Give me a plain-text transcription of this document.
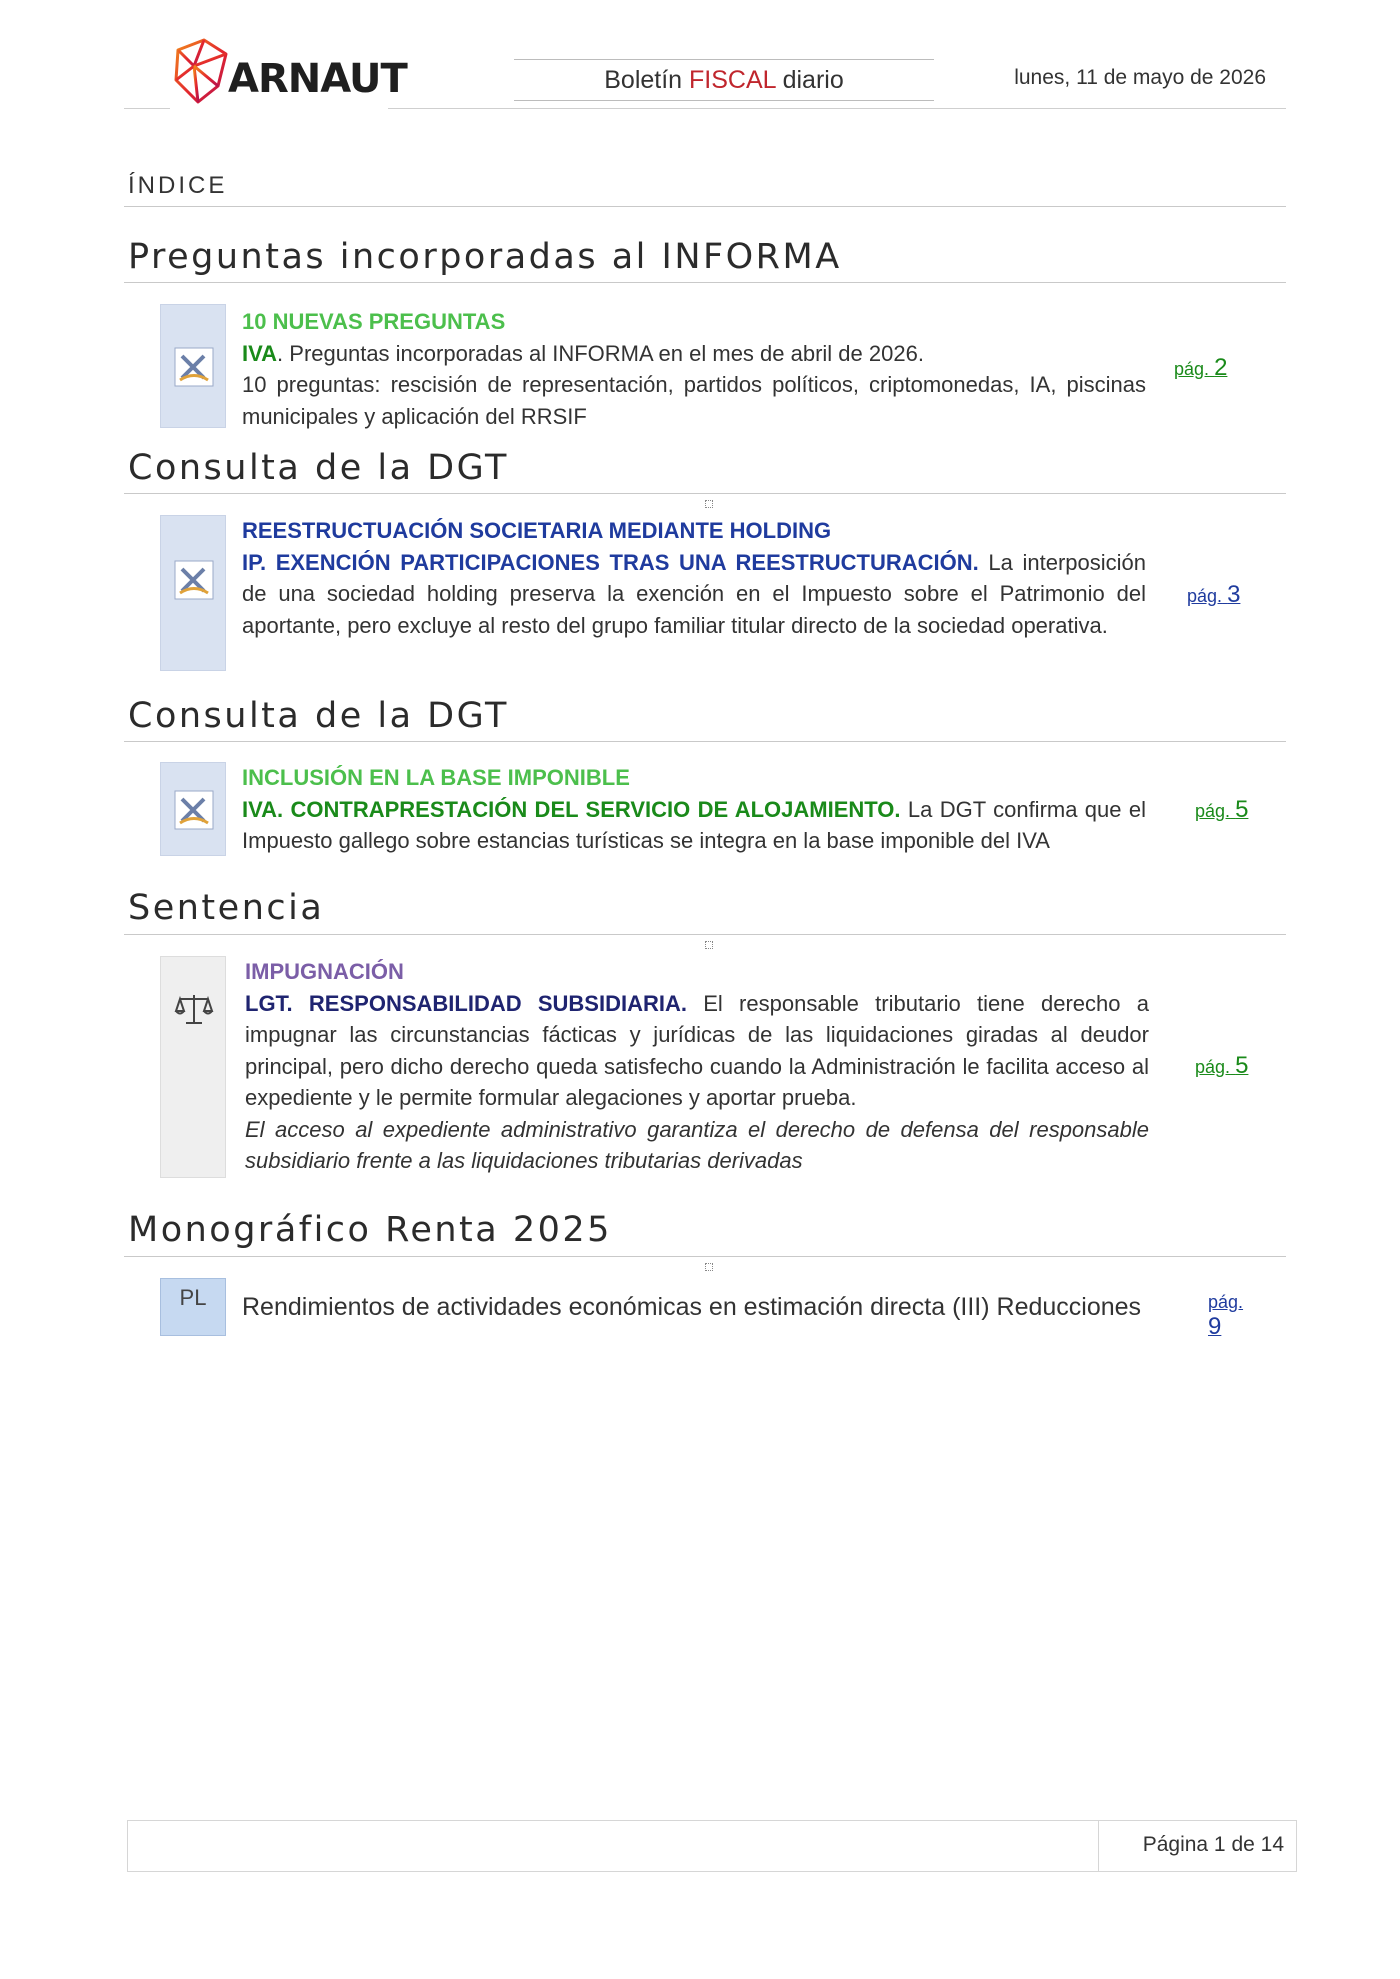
ARNAUT	Boletín FISCAL diario	lunes, 11 de mayo de 2026
ÍNDICE
Preguntas incorporadas al INFORMA
10 NUEVAS PREGUNTAS
IVA. Preguntas incorporadas al INFORMA en el mes de abril de 2026.
10 preguntas: rescisión de representación, partidos políticos, criptomonedas, IA, piscinas municipales y aplicación del RRSIF
pág. 2
Consulta de la DGT
REESTRUCTUACIÓN SOCIETARIA MEDIANTE HOLDING
IP. EXENCIÓN PARTICIPACIONES TRAS UNA REESTRUCTURACIÓN. La interposición de una sociedad holding preserva la exención en el Impuesto sobre el Patrimonio del aportante, pero excluye al resto del grupo familiar titular directo de la sociedad operativa.
pág. 3
Consulta de la DGT
INCLUSIÓN EN LA BASE IMPONIBLE
IVA. CONTRAPRESTACIÓN DEL SERVICIO DE ALOJAMIENTO. La DGT confirma que el Impuesto gallego sobre estancias turísticas se integra en la base imponible del IVA
pág. 5
Sentencia
IMPUGNACIÓN
LGT. RESPONSABILIDAD SUBSIDIARIA. El responsable tributario tiene derecho a impugnar las circunstancias fácticas y jurídicas de las liquidaciones giradas al deudor principal, pero dicho derecho queda satisfecho cuando la Administración le facilita acceso al expediente y le permite formular alegaciones y aportar prueba.
El acceso al expediente administrativo garantiza el derecho de defensa del responsable subsidiario frente a las liquidaciones tributarias derivadas
pág. 5
Monográfico Renta 2025
PL	Rendimientos de actividades económicas en estimación directa (III) Reducciones	pág. 9
Página 1 de 14
